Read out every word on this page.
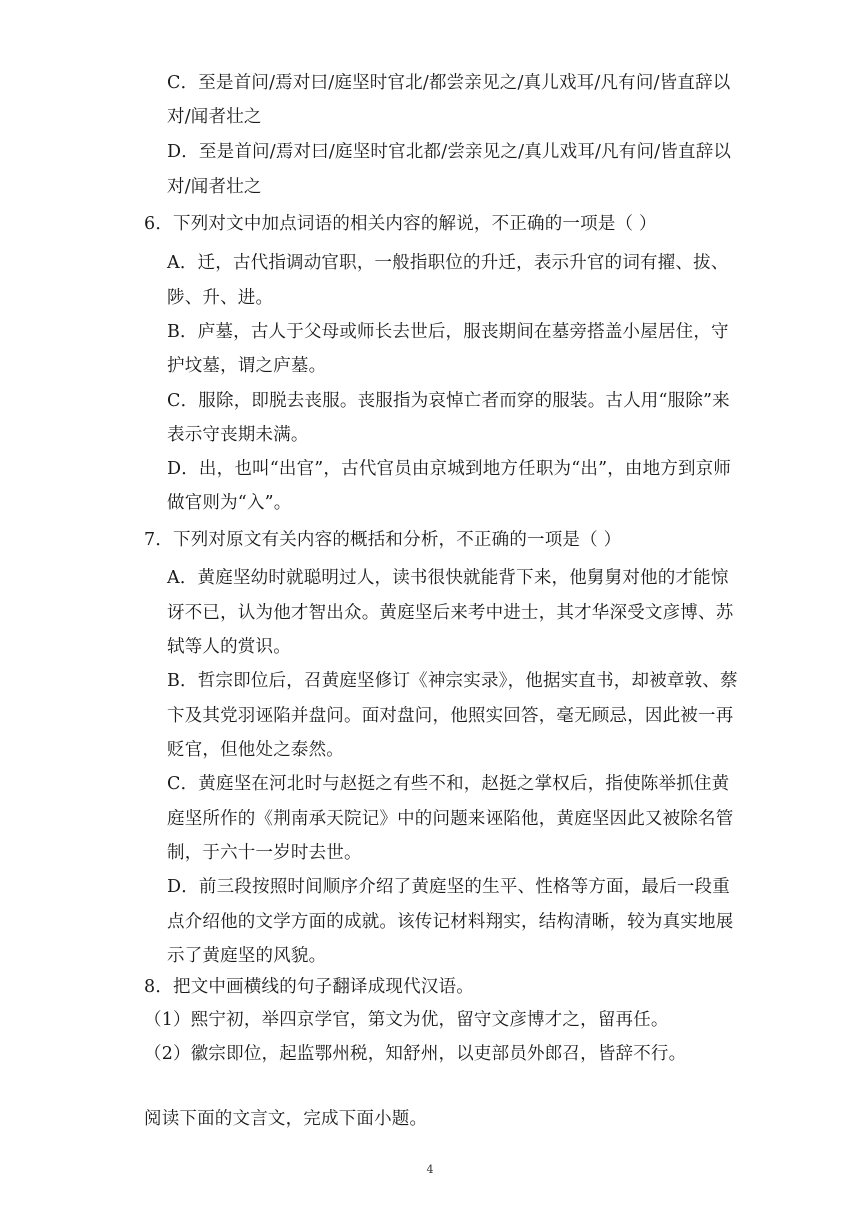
C．至是首问/焉对曰/庭坚时官北/都尝亲见之/真儿戏耳/凡有问/皆直辞以
对/闻者壮之
D．至是首问/焉对曰/庭坚时官北都/尝亲见之/真儿戏耳/凡有问/皆直辞以
对/闻者壮之
6．下列对文中加点词语的相关内容的解说，不正确的一项是（ ）
A．迁，古代指调动官职，一般指职位的升迁，表示升官的词有擢、拔、
陟、升、进。
B．庐墓，古人于父母或师长去世后，服丧期间在墓旁搭盖小屋居住，守
护坟墓，谓之庐墓。
C．服除，即脱去丧服。丧服指为哀悼亡者而穿的服装。古人用“服除”来
表示守丧期未满。
D．出，也叫“出官”，古代官员由京城到地方任职为“出”，由地方到京师
做官则为“入”。
7．下列对原文有关内容的概括和分析，不正确的一项是（ ）
A．黄庭坚幼时就聪明过人，读书很快就能背下来，他舅舅对他的才能惊
讶不已，认为他才智出众。黄庭坚后来考中进士，其才华深受文彦博、苏
轼等人的赏识。
B．哲宗即位后，召黄庭坚修订《神宗实录》，他据实直书，却被章敦、蔡
卞及其党羽诬陷并盘问。面对盘问，他照实回答，毫无顾忌，因此被一再
贬官，但他处之泰然。
C．黄庭坚在河北时与赵挺之有些不和，赵挺之掌权后，指使陈举抓住黄
庭坚所作的《荆南承天院记》中的问题来诬陷他，黄庭坚因此又被除名管
制，于六十一岁时去世。
D．前三段按照时间顺序介绍了黄庭坚的生平、性格等方面，最后一段重
点介绍他的文学方面的成就。该传记材料翔实，结构清晰，较为真实地展
示了黄庭坚的风貌。
8．把文中画横线的句子翻译成现代汉语。
（1）熙宁初，举四京学官，第文为优，留守文彦博才之，留再任。
（2）徽宗即位，起监鄂州税，知舒州，以吏部员外郎召，皆辞不行。
阅读下面的文言文，完成下面小题。
4
